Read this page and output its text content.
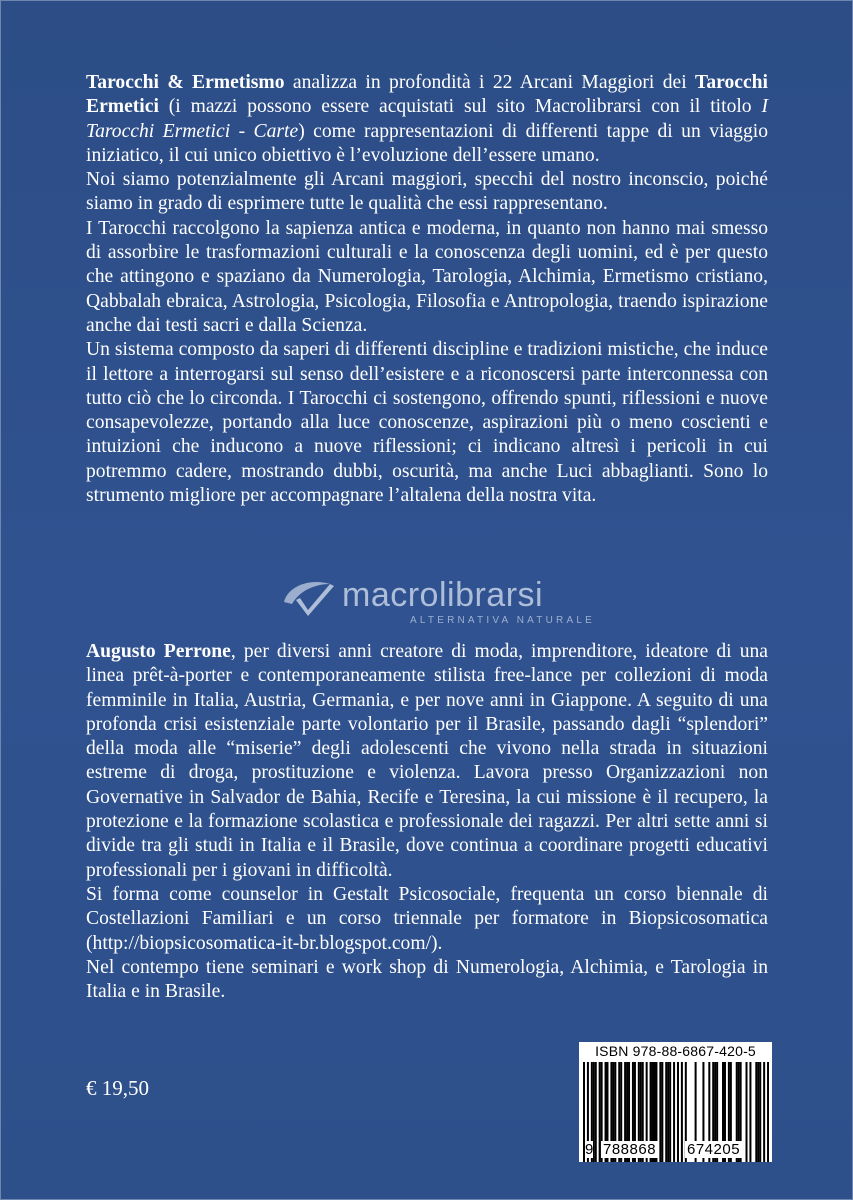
Tarocchi & Ermetismo analizza in profondità i 22 Arcani Maggiori dei Tarocchi Ermetici (i mazzi possono essere acquistati sul sito Macrolibrarsi con il titolo I Tarocchi Ermetici - Carte) come rappresentazioni di differenti tappe di un viaggio iniziatico, il cui unico obiettivo è l’evoluzione dell’essere umano.

Noi siamo potenzialmente gli Arcani maggiori, specchi del nostro inconscio, poiché siamo in grado di esprimere tutte le qualità che essi rappresentano.

I Tarocchi raccolgono la sapienza antica e moderna, in quanto non hanno mai smesso di assorbire le trasformazioni culturali e la conoscenza degli uomini, ed è per questo che attingono e spaziano da Numerologia, Tarologia, Alchimia, Ermetismo cristiano, Qabbalah ebraica, Astrologia, Psicologia, Filosofia e Antropologia, traendo ispirazione anche dai testi sacri e dalla Scienza.

Un sistema composto da saperi di differenti discipline e tradizioni mistiche, che induce il lettore a interrogarsi sul senso dell’esistere e a riconoscersi parte interconnessa con tutto ciò che lo circonda. I Tarocchi ci sostengono, offrendo spunti, riflessioni e nuove consapevolezze, portando alla luce conoscenze, aspirazioni più o meno coscienti e intuizioni che inducono a nuove riflessioni; ci indicano altresì i pericoli in cui potremmo cadere, mostrando dubbi, oscurità, ma anche Luci abbaglianti. Sono lo strumento migliore per accompagnare l’altalena della nostra vita.

macrolibrarsi
ALTERNATIVA NATURALE

Augusto Perrone, per diversi anni creatore di moda, imprenditore, ideatore di una linea prêt-à-porter e contemporaneamente stilista free-lance per collezioni di moda femminile in Italia, Austria, Germania, e per nove anni in Giappone. A seguito di una profonda crisi esistenziale parte volontario per il Brasile, passando dagli “splendori” della moda alle “miserie” degli adolescenti che vivono nella strada in situazioni estreme di droga, prostituzione e violenza. Lavora presso Organizzazioni non Governative in Salvador de Bahia, Recife e Teresina, la cui missione è il recupero, la protezione e la formazione scolastica e professionale dei ragazzi. Per altri sette anni si divide tra gli studi in Italia e il Brasile, dove continua a coordinare progetti educativi professionali per i giovani in difficoltà.

Si forma come counselor in Gestalt Psicosociale, frequenta un corso biennale di Costellazioni Familiari e un corso triennale per formatore in Biopsicosomatica (http://biopsicosomatica-it-br.blogspot.com/).

Nel contempo tiene seminari e work shop di Numerologia, Alchimia, e Tarologia in Italia e in Brasile.

€ 19,50
ISBN 978-88-6867-420-5
9 788868 674205
